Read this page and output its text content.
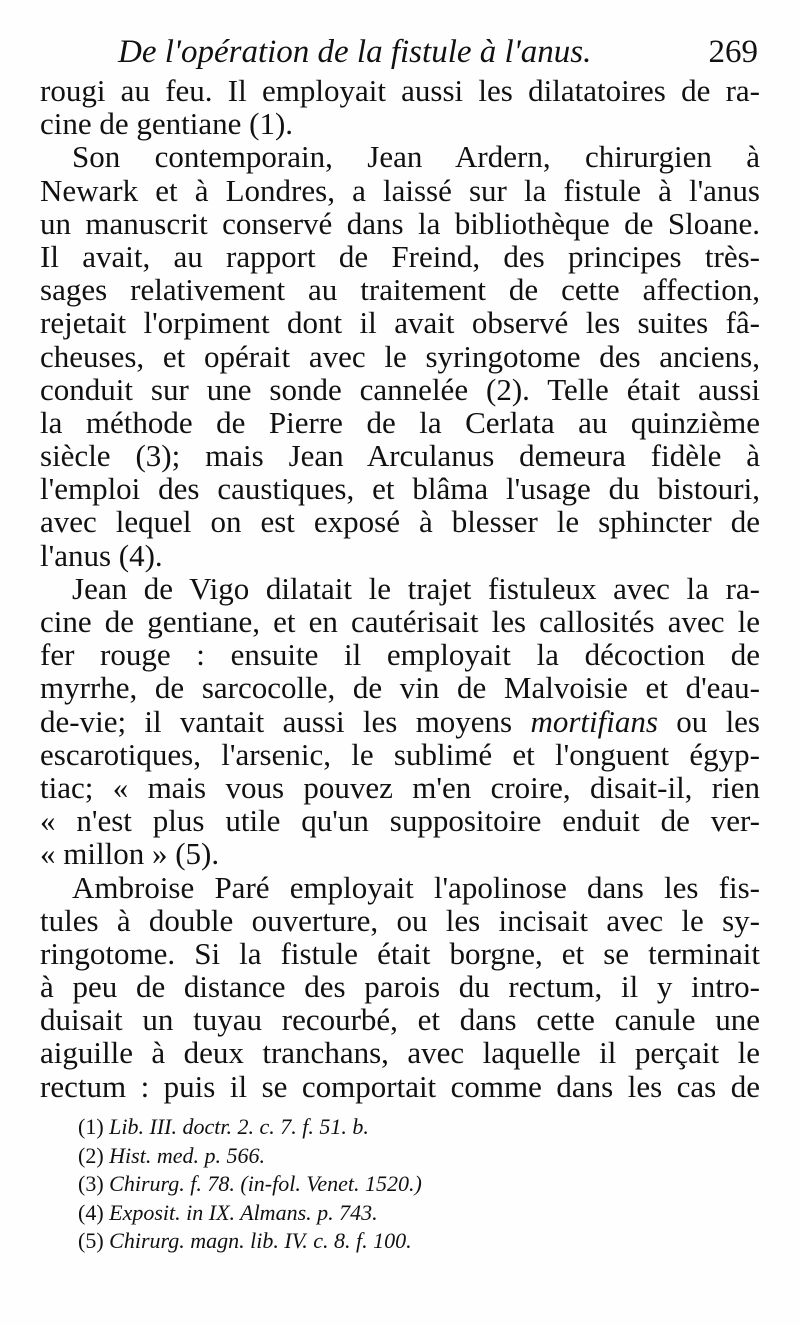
De l'opération de la fistule à l'anus.	269
rougi au feu. Il employait aussi les dilatatoires de ra-
cine de gentiane (1).
Son contemporain, Jean Ardern, chirurgien à
Newark et à Londres, a laissé sur la fistule à l'anus
un manuscrit conservé dans la bibliothèque de Sloane.
Il avait, au rapport de Freind, des principes très-
sages relativement au traitement de cette affection,
rejetait l'orpiment dont il avait observé les suites fâ-
cheuses, et opérait avec le syringotome des anciens,
conduit sur une sonde cannelée (2). Telle était aussi
la méthode de Pierre de la Cerlata au quinzième
siècle (3); mais Jean Arculanus demeura fidèle à
l'emploi des caustiques, et blâma l'usage du bistouri,
avec lequel on est exposé à blesser le sphincter de
l'anus (4).
Jean de Vigo dilatait le trajet fistuleux avec la ra-
cine de gentiane, et en cautérisait les callosités avec le
fer rouge : ensuite il employait la décoction de
myrrhe, de sarcocolle, de vin de Malvoisie et d'eau-
de-vie; il vantait aussi les moyens mortifians ou les
escarotiques, l'arsenic, le sublimé et l'onguent égyp-
tiac; « mais vous pouvez m'en croire, disait-il, rien
« n'est plus utile qu'un suppositoire enduit de ver-
« millon » (5).
Ambroise Paré employait l'apolinose dans les fis-
tules à double ouverture, ou les incisait avec le sy-
ringotome. Si la fistule était borgne, et se terminait
à peu de distance des parois du rectum, il y intro-
duisait un tuyau recourbé, et dans cette canule une
aiguille à deux tranchans, avec laquelle il perçait le
rectum : puis il se comportait comme dans les cas de
(1) Lib. III. doctr. 2. c. 7. f. 51. b.
(2) Hist. med. p. 566.
(3) Chirurg. f. 78. (in-fol. Venet. 1520.)
(4) Exposit. in IX. Almans. p. 743.
(5) Chirurg. magn. lib. IV. c. 8. f. 100.
